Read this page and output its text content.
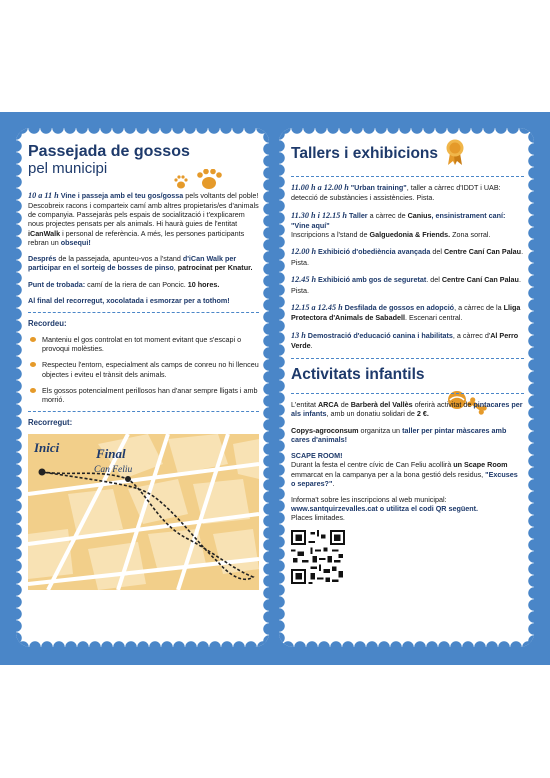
Passejada de gossos
pel municipi

10 a 11 h Vine i passeja amb el teu gos/gossa pels voltants del poble! Descobreix racons i comparteix camí amb altres propietaris/es d'animals de companyia. Passejaràs pels espais de socialització i t'explicarem nous projectes pensats per als animals. Hi haurà guies de l'entitat iCanWalk i personal de referència. A més, les persones participants rebran un obsequi!

Després de la passejada, apunteu-vos a l'stand d'iCan Walk per participar en el sorteig de bosses de pinso, patrocinat per Knatur.

Punt de trobada: camí de la riera de can Poncic. 10 hores.

Al final del recorregut, xocolatada i esmorzar per a tothom!

Recordeu:
Manteniu el gos controlat en tot moment evitant que s'escapi o provoqui molèsties.
Respecteu l'entorn, especialment als camps de conreu no hi llenceu objectes i eviteu el trànsit dels animals.
Els gossos potencialment perillosos han d'anar sempre lligats i amb morrió.
Recorregut:
Inici	Final
Can Feliu
Tallers i exhibicions
11.00 h a 12.00 h "Urban training", taller a càrrec d'IDDT i UAB: detecció de substàncies i assistències. Pista.
11.30 h i 12.15 h Taller a càrrec de Canius, ensinistrament caní: "Vine aquí"
Inscripcions a l'stand de Galguedonia & Friends. Zona sorral.
12.00 h Exhibició d'obediència avançada del Centre Caní Can Palau. Pista.
12.45 h Exhibició amb gos de seguretat. del Centre Caní Can Palau. Pista.
12.15 a 12.45 h Desfilada de gossos en adopció, a càrrec de la Lliga Protectora d'Animals de Sabadell. Escenari central.
13 h Demostració d'educació canina i habilitats, a càrrec d'Al Perro Verde.
Activitats infantils

L'entitat ARCA de Barberà del Vallès oferirà activitat de pintacares per als infants, amb un donatiu solidari de 2 €.

Copys-agroconsum organitza un taller per pintar màscares amb cares d'animals!

SCAPE ROOM!
Durant la festa el centre cívic de Can Feliu acollirà un Scape Room emmarcat en la campanya per a la bona gestió dels residus, "Excuses o separes?".

Informa't sobre les inscripcions al web municipal: www.santquirzevalles.cat o utilitza el codi QR següent.
Places limitades.
